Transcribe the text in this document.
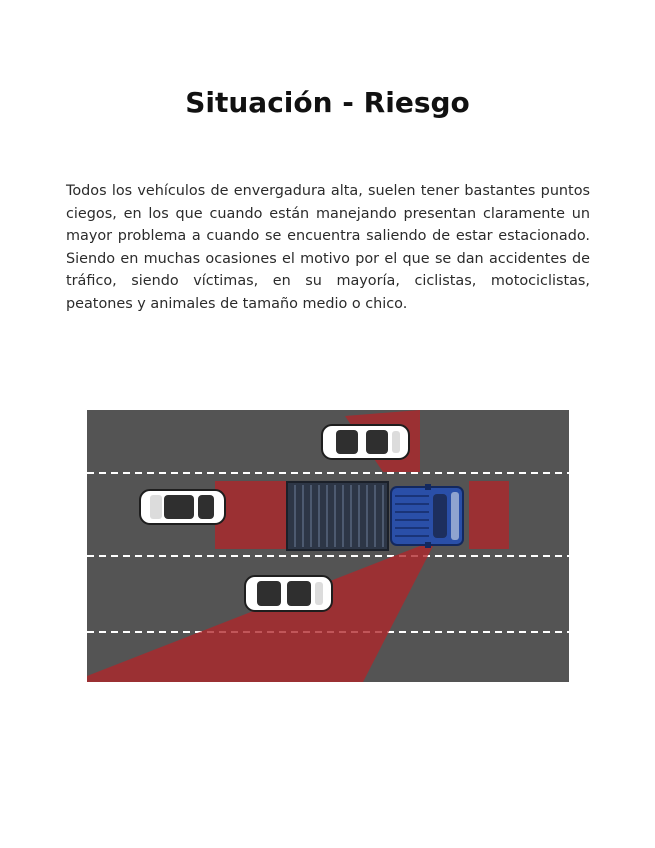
Situación - Riesgo

Todos los vehículos de envergadura alta, suelen tener bastantes puntos ciegos, en los que cuando están manejando presentan claramente un mayor problema a cuando se encuentra saliendo de estar estacionado. Siendo en muchas ocasiones el motivo por el que se dan accidentes de tráfico, siendo víctimas, en su mayoría, ciclistas, motociclistas, peatones y animales de tamaño medio o chico.
